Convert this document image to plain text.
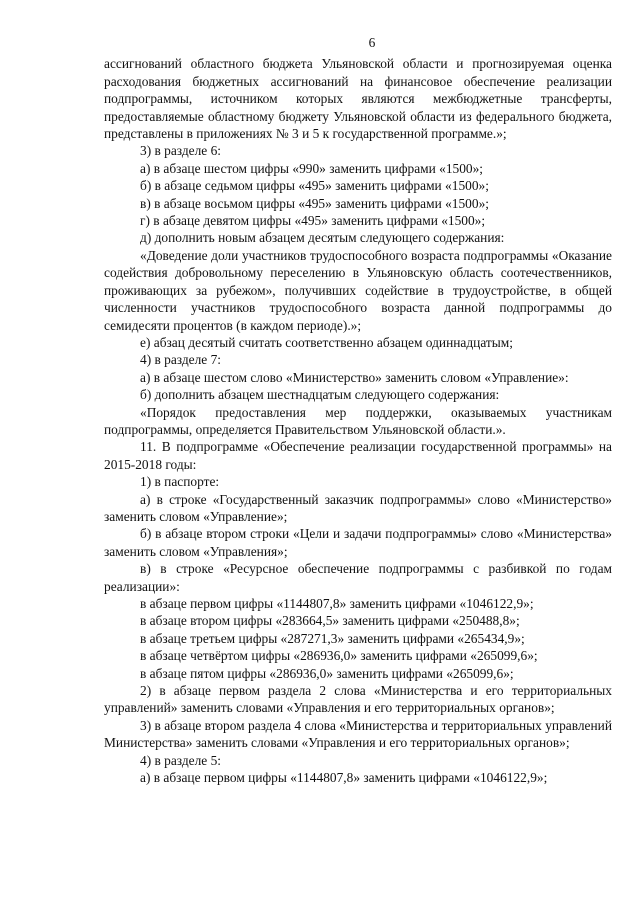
6

ассигнований областного бюджета Ульяновской области и прогнозируемая оценка расходования бюджетных ассигнований на финансовое обеспечение реализации подпрограммы, источником которых являются межбюджетные трансферты, предоставляемые областному бюджету Ульяновской области из федерального бюджета, представлены в приложениях № 3 и 5 к государственной программе.»;

3) в разделе 6:

а) в абзаце шестом цифры «990» заменить цифрами «1500»;

б) в абзаце седьмом цифры «495» заменить цифрами «1500»;

в) в абзаце восьмом цифры «495» заменить цифрами «1500»;

г) в абзаце девятом цифры «495» заменить цифрами «1500»;

д) дополнить новым абзацем десятым следующего содержания:

«Доведение доли участников трудоспособного возраста подпрограммы «Оказание содействия добровольному переселению в Ульяновскую область соотечественников, проживающих за рубежом», получивших содействие в трудоустройстве, в общей численности участников трудоспособного возраста данной подпрограммы до семидесяти процентов (в каждом периоде).»;

е) абзац десятый считать соответственно абзацем одиннадцатым;

4) в разделе 7:

а) в абзаце шестом слово «Министерство» заменить словом «Управление»:

б) дополнить абзацем шестнадцатым следующего содержания:

«Порядок предоставления мер поддержки, оказываемых участникам подпрограммы, определяется Правительством Ульяновской области.».

11. В подпрограмме «Обеспечение реализации государственной программы» на 2015-2018 годы:

1) в паспорте:

а) в строке «Государственный заказчик подпрограммы» слово «Министерство» заменить словом «Управление»;

б) в абзаце втором строки «Цели и задачи подпрограммы» слово «Министерства» заменить словом «Управления»;

в) в строке «Ресурсное обеспечение подпрограммы с разбивкой по годам реализации»:

в абзаце первом цифры «1144807,8» заменить цифрами «1046122,9»;

в абзаце втором цифры «283664,5» заменить цифрами «250488,8»;

в абзаце третьем цифры «287271,3» заменить цифрами «265434,9»;

в абзаце четвёртом цифры «286936,0» заменить цифрами «265099,6»;

в абзаце пятом цифры «286936,0» заменить цифрами «265099,6»;

2) в абзаце первом раздела 2 слова «Министерства и его территориальных управлений» заменить словами «Управления и его территориальных органов»;

3) в абзаце втором раздела 4 слова «Министерства и территориальных управлений Министерства» заменить словами «Управления и его территориальных органов»;

4) в разделе 5:

а) в абзаце первом цифры «1144807,8» заменить цифрами «1046122,9»;
